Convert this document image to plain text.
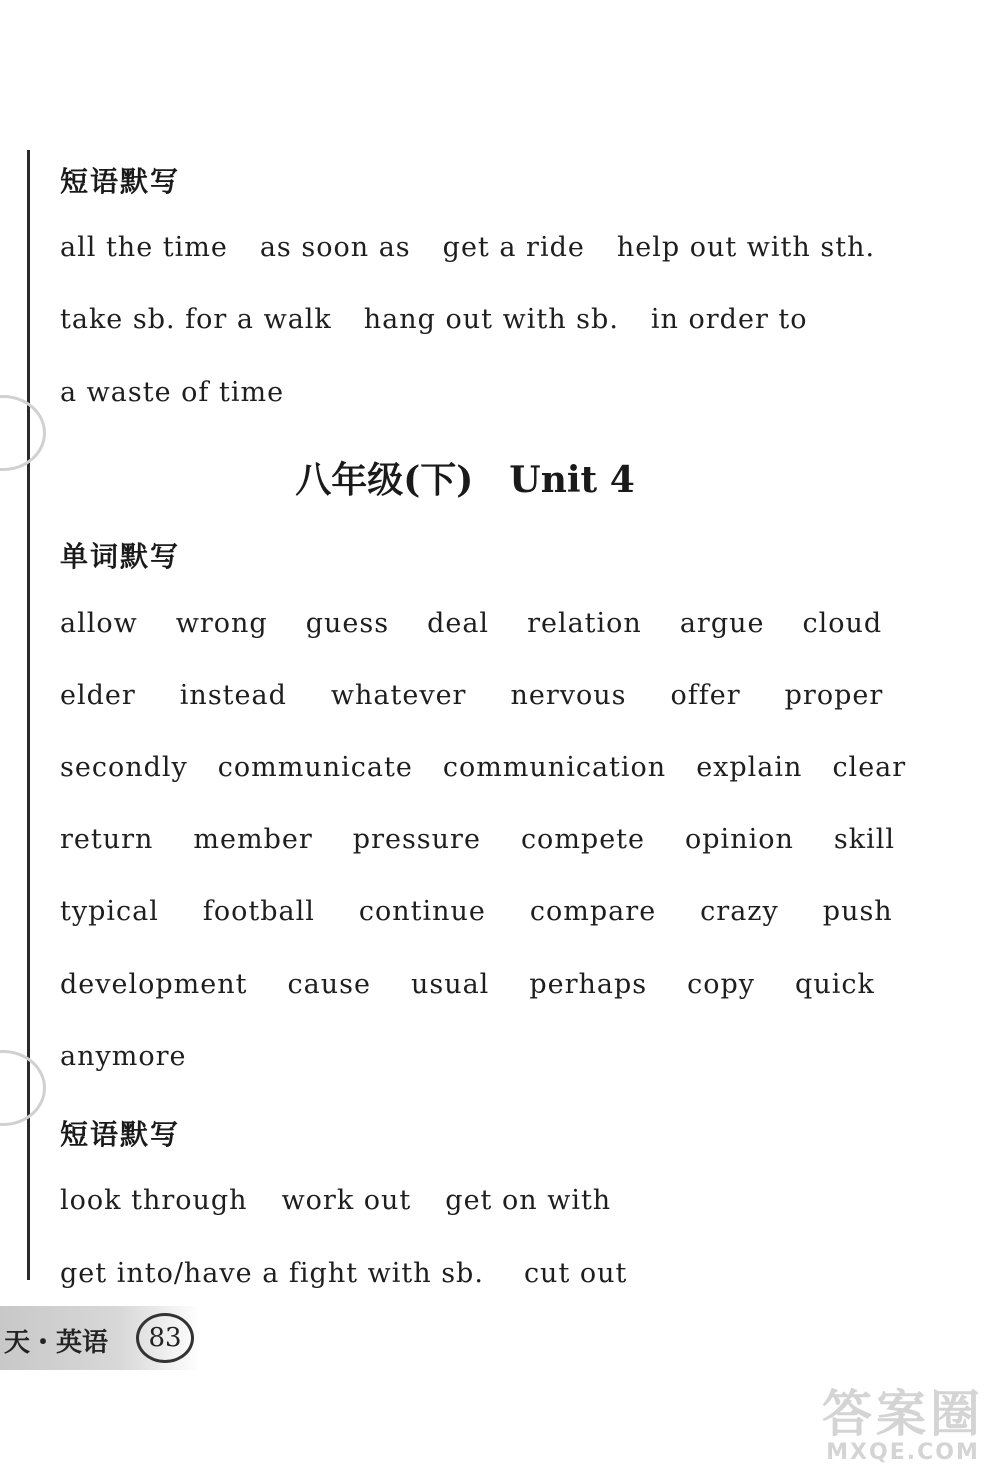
短语默写
all the time as soon as get a ride help out with sth.
take sb. for a walk hang out with sb. in order to
a waste of time
八年级(下)　Unit 4
单词默写
allow wrong guess deal relation argue cloud
elder instead whatever nervous offer proper
secondly communicate communication explain clear
return member pressure compete opinion skill
typical football continue compare crazy push
development cause usual perhaps copy quick
anymore
短语默写
look through work out get on with
get into/have a fight with sb. cut out
天・英语	83
答案圈
MXQE.COM
